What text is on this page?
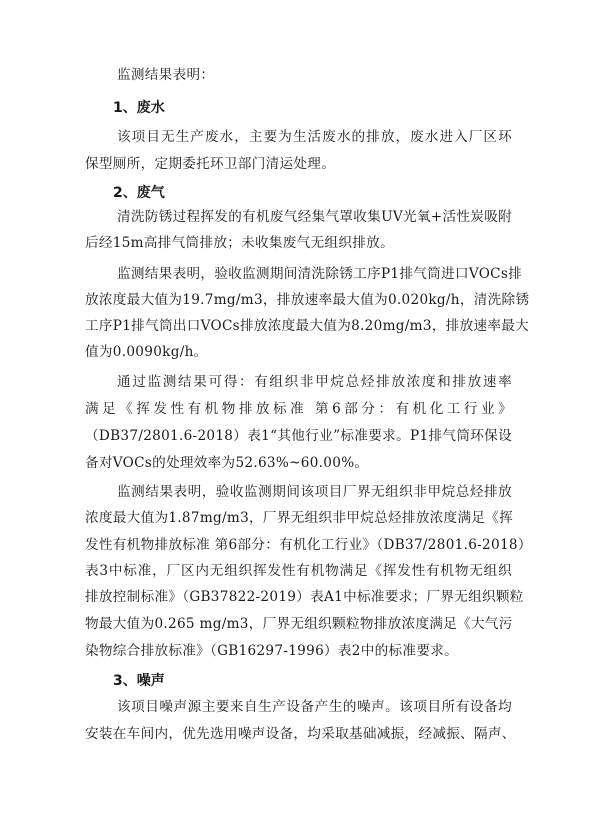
监测结果表明：
1、废水
该项目无生产废水，主要为生活废水的排放，废水进入厂区环
保型厕所，定期委托环卫部门清运处理。
2、废气
清洗防锈过程挥发的有机废气经集气罩收集UV光氧+活性炭吸附
后经15m高排气筒排放；未收集废气无组织排放。
监测结果表明，验收监测期间清洗除锈工序P1排气筒进口VOCs排
放浓度最大值为19.7mg/m3，排放速率最大值为0.020kg/h，清洗除锈
工序P1排气筒出口VOCs排放浓度最大值为8.20mg/m3，排放速率最大
值为0.0090kg/h。
通过监测结果可得：有组织非甲烷总烃排放浓度和排放速率
满足《挥发性有机物排放标准 第6部分：有机化工行业》
（DB37/2801.6-2018）表1“其他行业”标准要求。P1排气筒环保设
备对VOCs的处理效率为52.63%~60.00%。
监测结果表明，验收监测期间该项目厂界无组织非甲烷总烃排放
浓度最大值为1.87mg/m3，厂界无组织非甲烷总烃排放浓度满足《挥
发性有机物排放标准 第6部分：有机化工行业》（DB37/2801.6-2018）
表3中标准，厂区内无组织挥发性有机物满足《挥发性有机物无组织
排放控制标准》（GB37822-2019）表A1中标准要求；厂界无组织颗粒
物最大值为0.265 mg/m3，厂界无组织颗粒物排放浓度满足《大气污
染物综合排放标准》（GB16297-1996）表2中的标准要求。
3、噪声
该项目噪声源主要来自生产设备产生的噪声。该项目所有设备均
安装在车间内，优先选用噪声设备，均采取基础减振，经减振、隔声、
